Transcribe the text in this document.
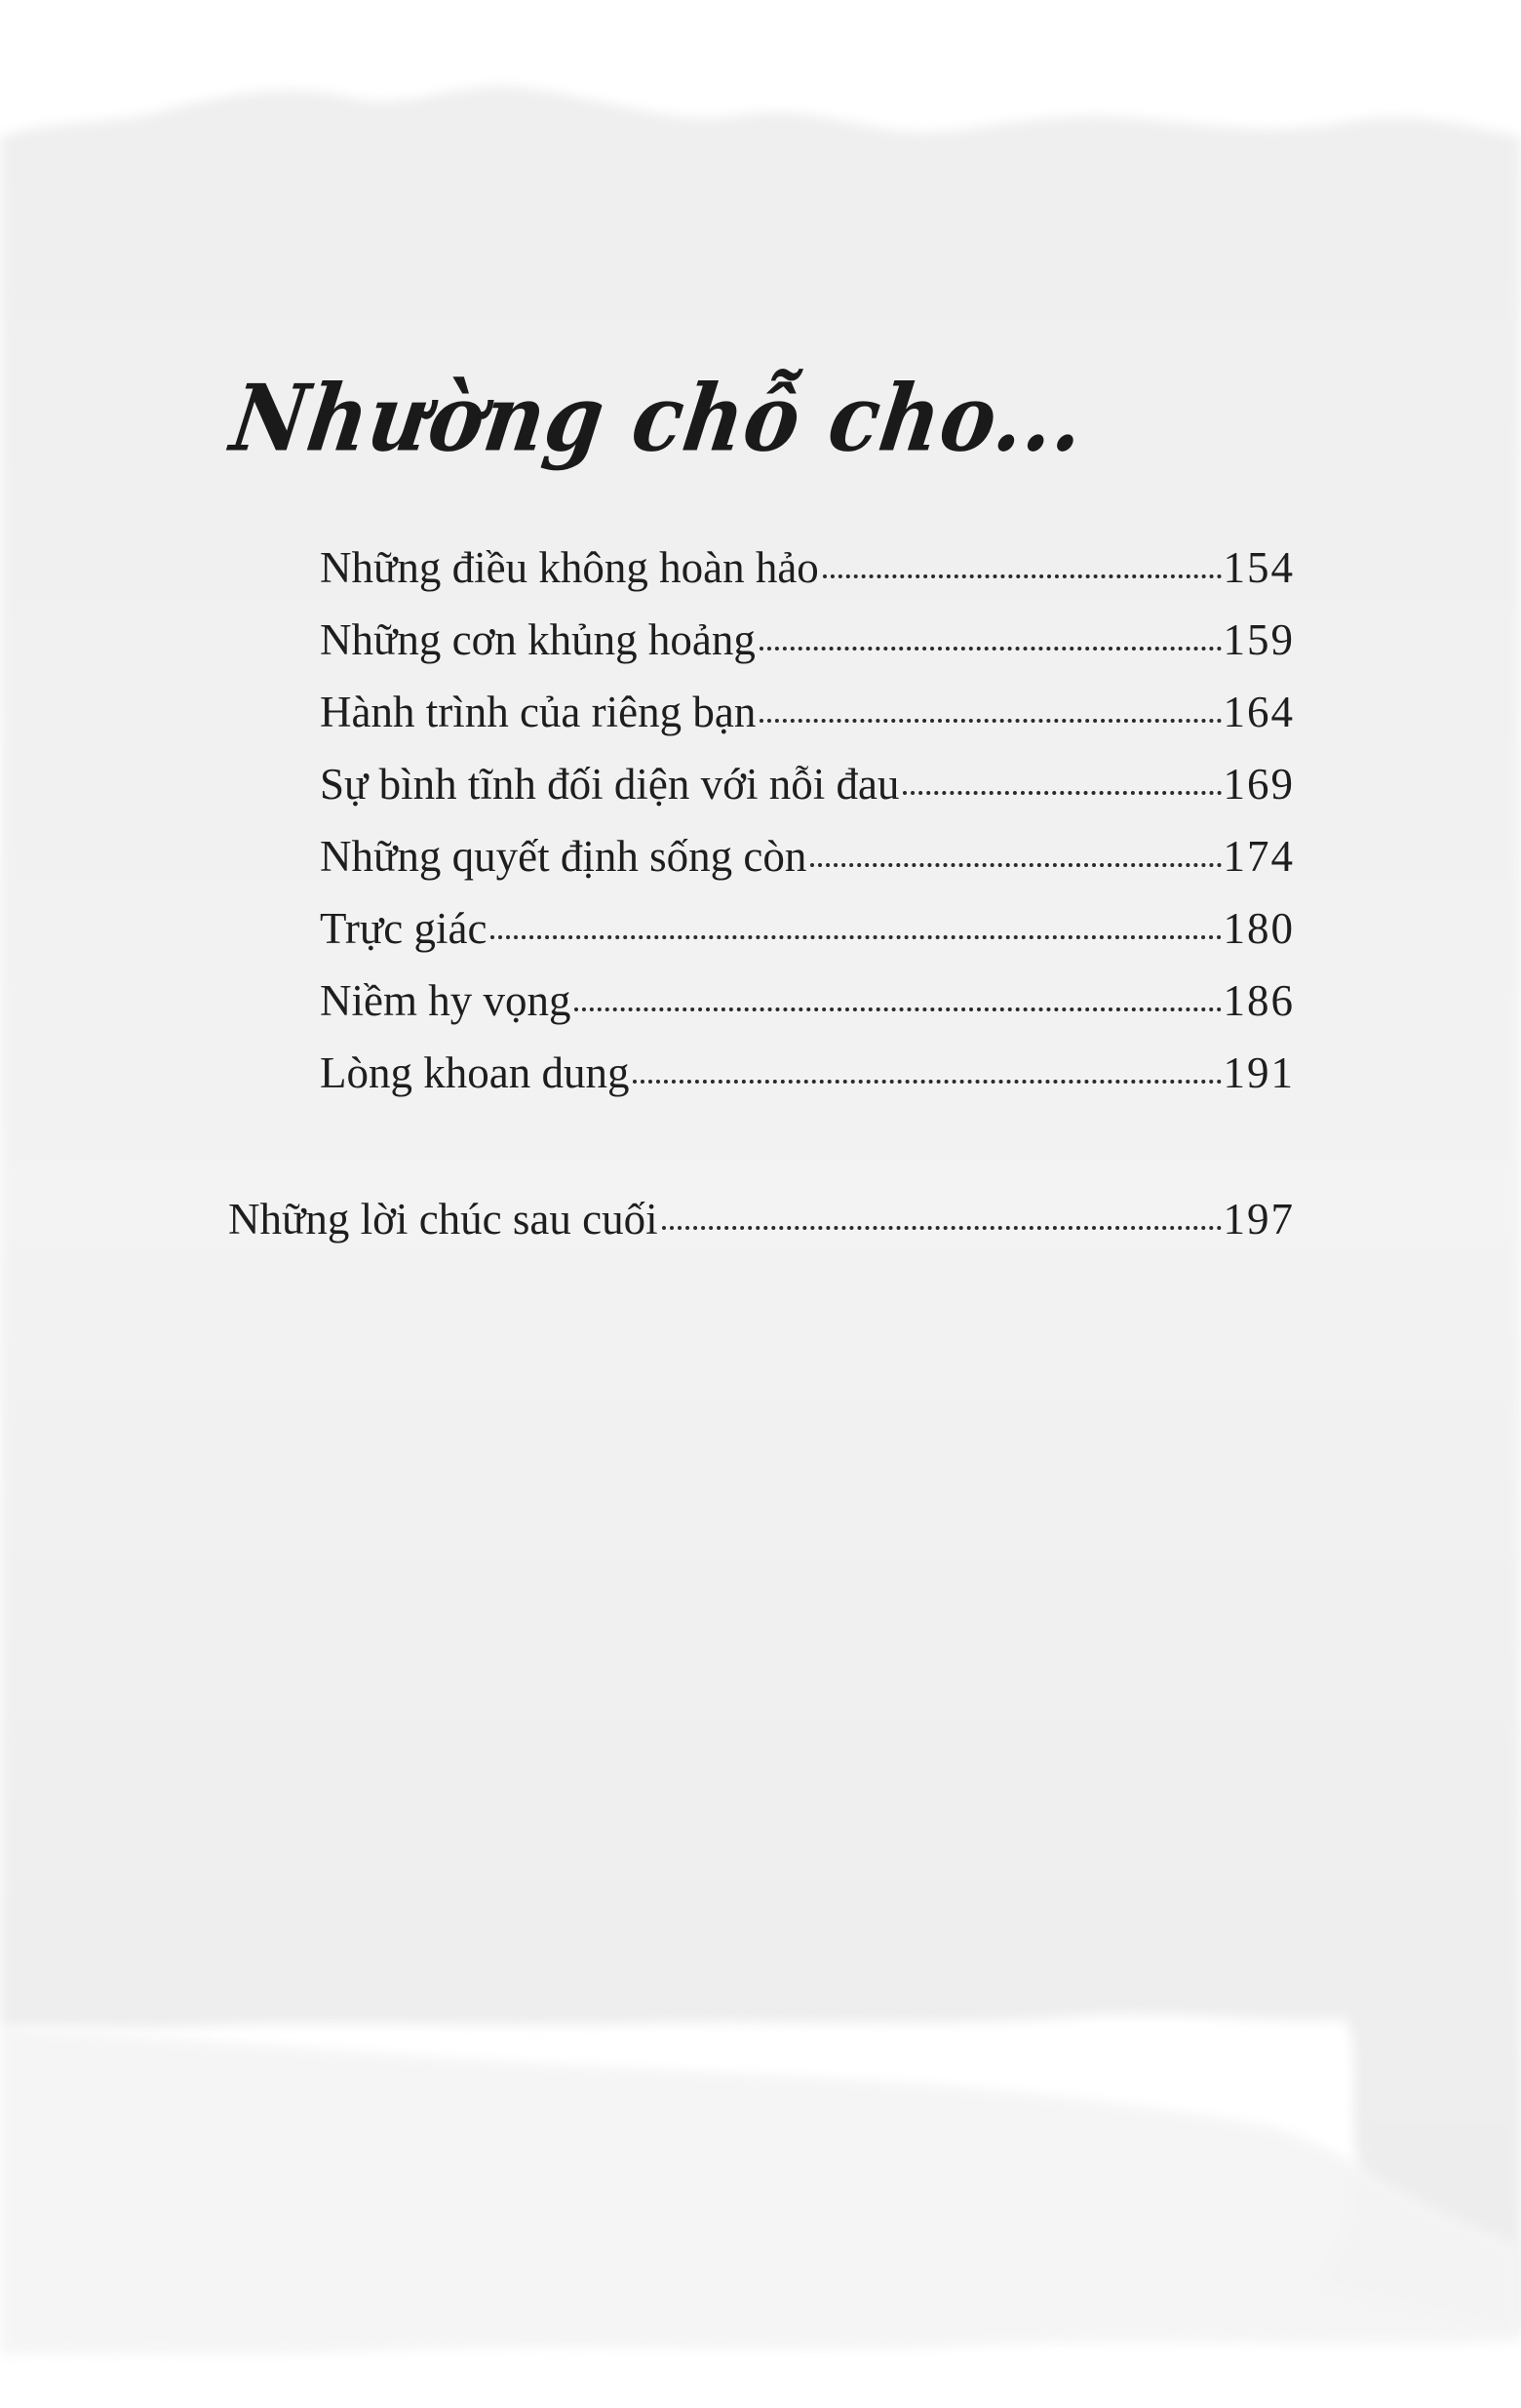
Nhường chỗ cho...
Những điều không hoàn hảo	154
Những cơn khủng hoảng	159
Hành trình của riêng bạn	164
Sự bình tĩnh đối diện với nỗi đau	169
Những quyết định sống còn	174
Trực giác	180
Niềm hy vọng	186
Lòng khoan dung	191
Những lời chúc sau cuối	197
